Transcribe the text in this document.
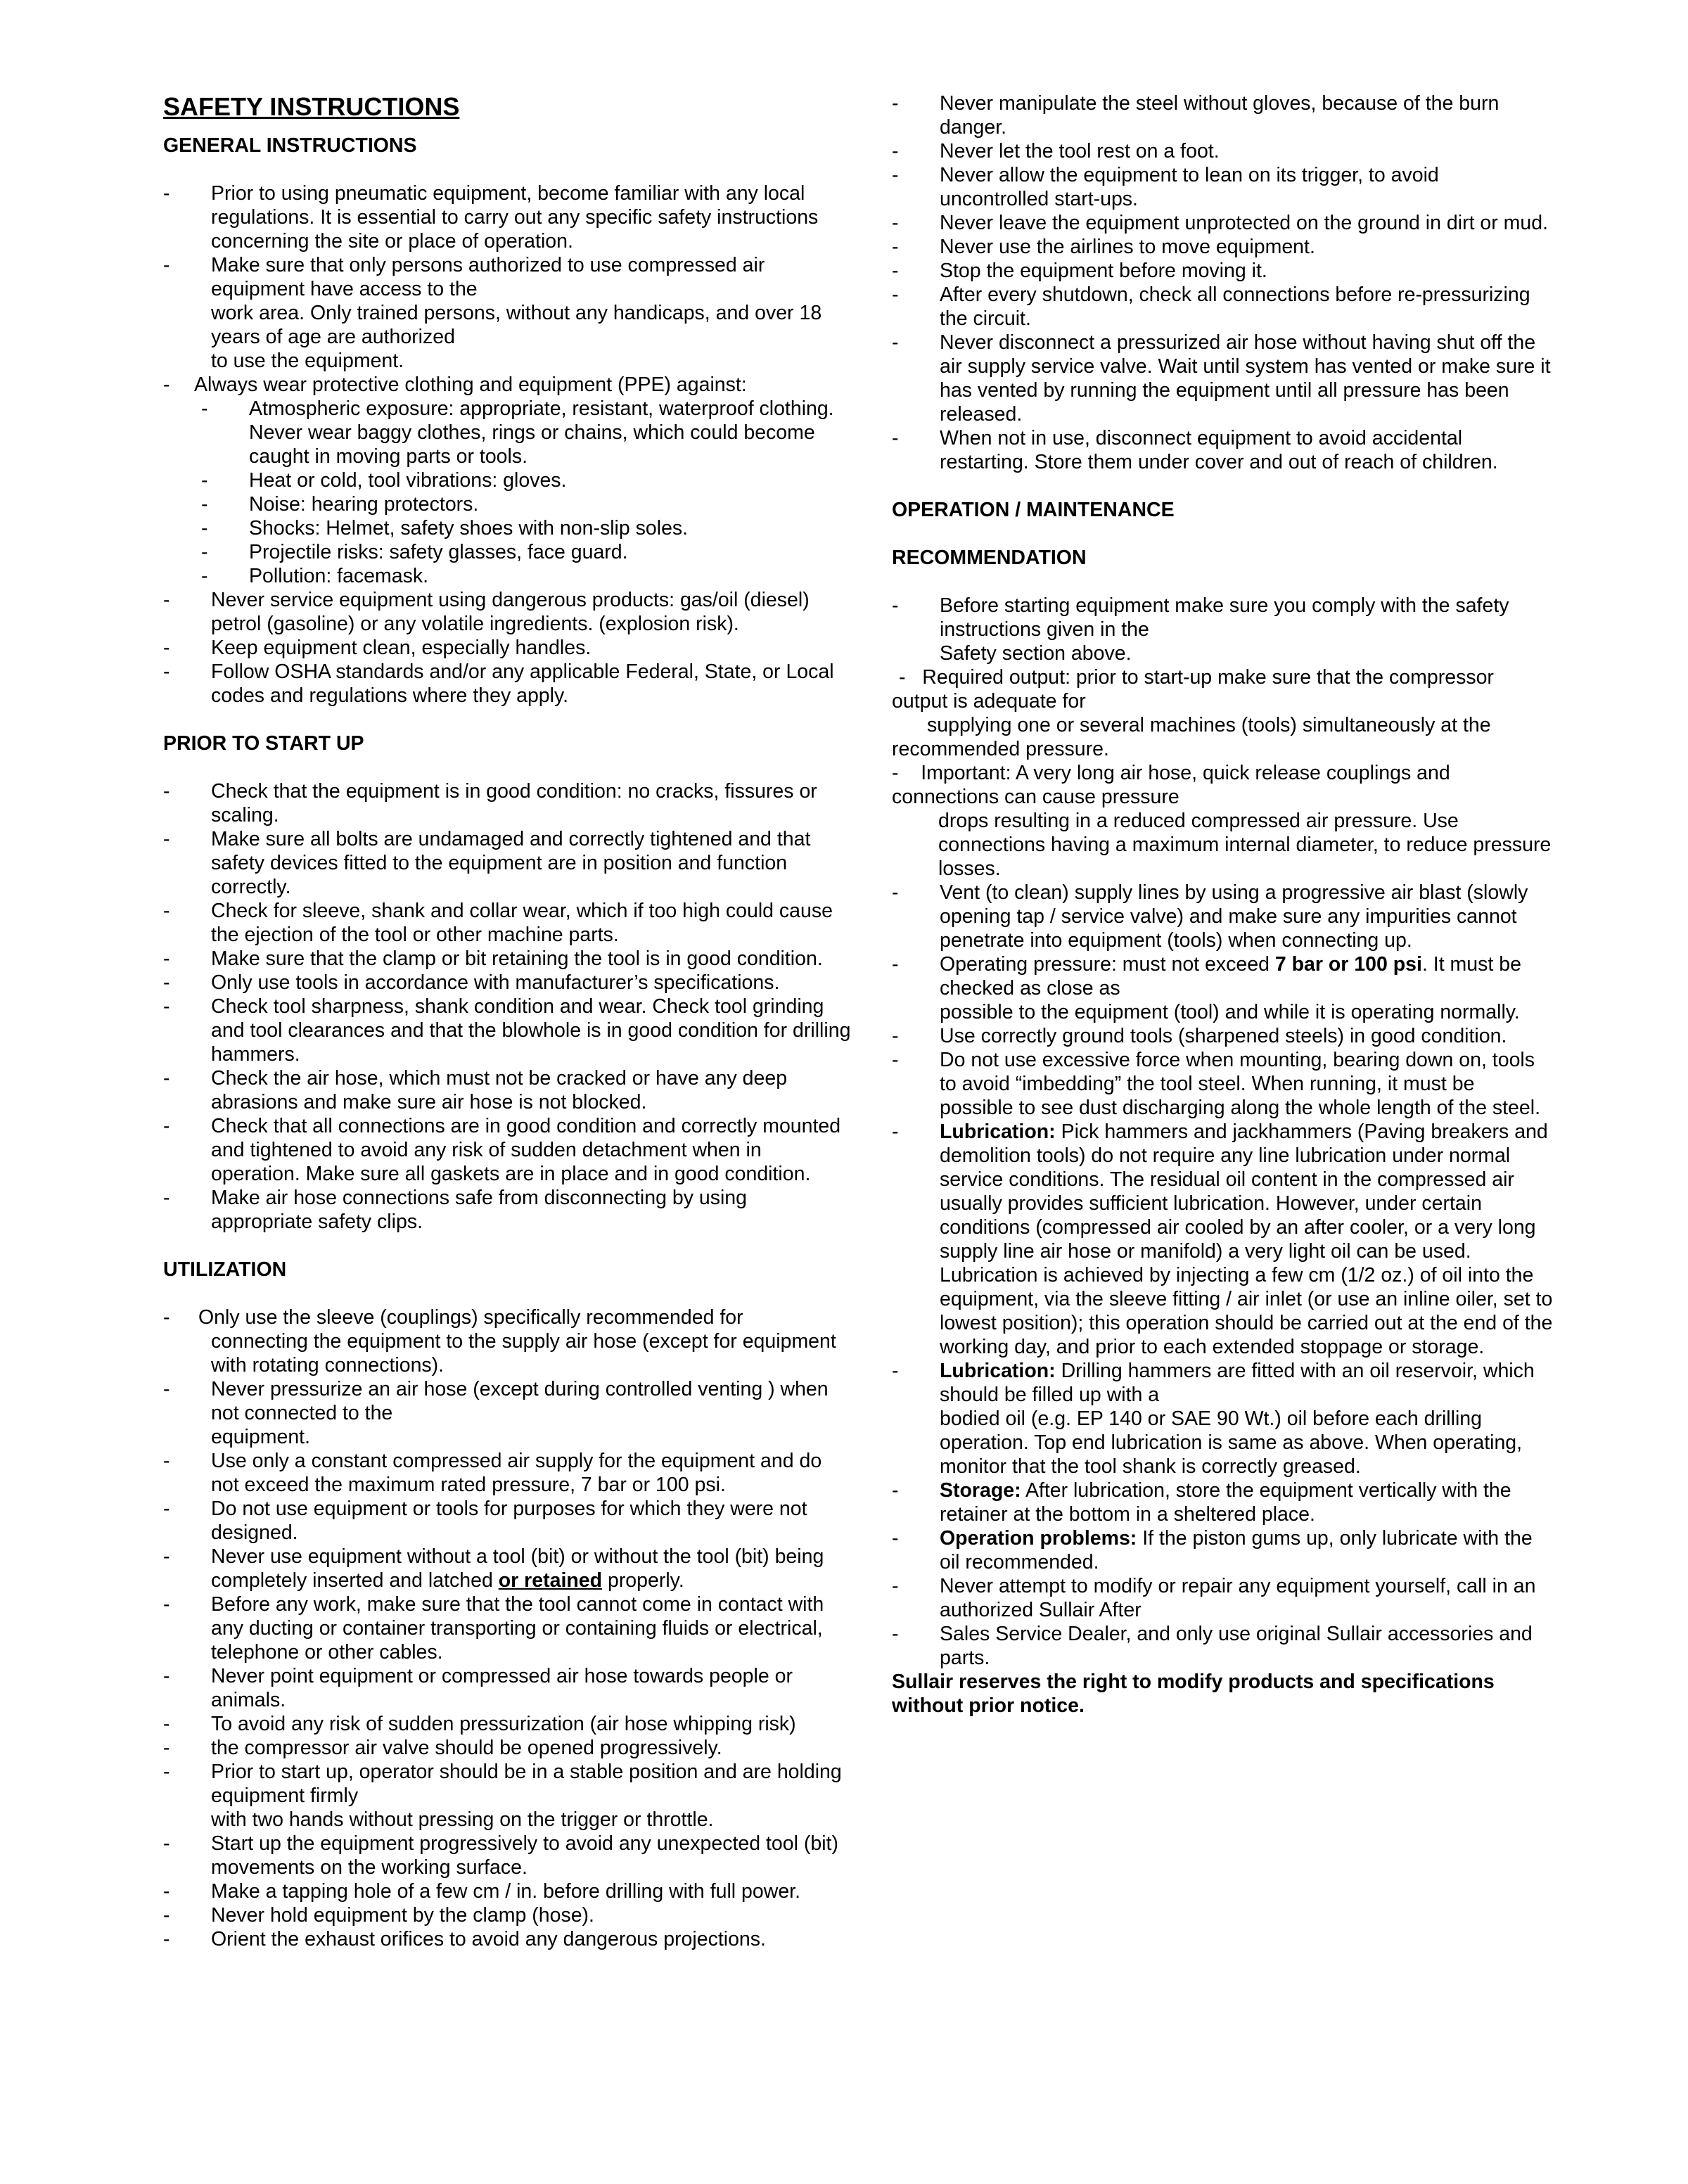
SAFETY INSTRUCTIONS
GENERAL INSTRUCTIONS
- Prior to using pneumatic equipment, become familiar with any local regulations. It is essential to carry out any specific safety instructions concerning the site or place of operation.
- Make sure that only persons authorized to use compressed air equipment have access to the
work area. Only trained persons, without any handicaps, and over 18 years of age are authorized
to use the equipment.
- Always wear protective clothing and equipment (PPE) against:
- Atmospheric exposure: appropriate, resistant, waterproof clothing. Never wear baggy clothes, rings or chains, which could become caught in moving parts or tools.
- Heat or cold, tool vibrations: gloves.
- Noise: hearing protectors.
- Shocks: Helmet, safety shoes with non-slip soles.
- Projectile risks: safety glasses, face guard.
- Pollution: facemask.
- Never service equipment using dangerous products: gas/oil (diesel) petrol (gasoline) or any volatile ingredients. (explosion risk).
- Keep equipment clean, especially handles.
- Follow OSHA standards and/or any applicable Federal, State, or Local codes and regulations where they apply.
PRIOR TO START UP
- Check that the equipment is in good condition: no cracks, fissures or scaling.
- Make sure all bolts are undamaged and correctly tightened and that safety devices fitted to the equipment are in position and function correctly.
- Check for sleeve, shank and collar wear, which if too high could cause the ejection of the tool or other machine parts.
- Make sure that the clamp or bit retaining the tool is in good condition.
- Only use tools in accordance with manufacturer’s specifications.
- Check tool sharpness, shank condition and wear. Check tool grinding and tool clearances and that the blowhole is in good condition for drilling hammers.
- Check the air hose, which must not be cracked or have any deep abrasions and make sure air hose is not blocked.
- Check that all connections are in good condition and correctly mounted and tightened to avoid any risk of sudden detachment when in operation. Make sure all gaskets are in place and in good condition.
- Make air hose connections safe from disconnecting by using appropriate safety clips.
UTILIZATION
- Only use the sleeve (couplings) specifically recommended for
connecting the equipment to the supply air hose (except for equipment with rotating connections).
- Never pressurize an air hose (except during controlled venting ) when not connected to the
equipment.
- Use only a constant compressed air supply for the equipment and do not exceed the maximum rated pressure, 7 bar or 100 psi.
- Do not use equipment or tools for purposes for which they were not designed.
- Never use equipment without a tool (bit) or without the tool (bit) being completely inserted and latched or retained properly.
- Before any work, make sure that the tool cannot come in contact with any ducting or container transporting or containing fluids or electrical, telephone or other cables.
- Never point equipment or compressed air hose towards people or animals.
- To avoid any risk of sudden pressurization (air hose whipping risk)
- the compressor air valve should be opened progressively.
- Prior to start up, operator should be in a stable position and are holding equipment firmly
with two hands without pressing on the trigger or throttle.
- Start up the equipment progressively to avoid any unexpected tool (bit) movements on the working surface.
- Make a tapping hole of a few cm / in. before drilling with full power.
- Never hold equipment by the clamp (hose).
- Orient the exhaust orifices to avoid any dangerous projections.
- Never manipulate the steel without gloves, because of the burn danger.
- Never let the tool rest on a foot.
- Never allow the equipment to lean on its trigger, to avoid uncontrolled start-ups.
- Never leave the equipment unprotected on the ground in dirt or mud.
- Never use the airlines to move equipment.
- Stop the equipment before moving it.
- After every shutdown, check all connections before re-pressurizing the circuit.
- Never disconnect a pressurized air hose without having shut off the air supply service valve. Wait until system has vented or make sure it has vented by running the equipment until all pressure has been released.
- When not in use, disconnect equipment to avoid accidental restarting. Store them under cover and out of reach of children.
OPERATION / MAINTENANCE
RECOMMENDATION
- Before starting equipment make sure you comply with the safety instructions given in the
Safety section above.
- Required output: prior to start-up make sure that the compressor
output is adequate for
supplying one or several machines (tools) simultaneously at the
recommended pressure.
- Important: A very long air hose, quick release couplings and
connections can cause pressure
drops resulting in a reduced compressed air pressure. Use connections having a maximum internal diameter, to reduce pressure losses.
- Vent (to clean) supply lines by using a progressive air blast (slowly opening tap / service valve) and make sure any impurities cannot penetrate into equipment (tools) when connecting up.
- Operating pressure: must not exceed 7 bar or 100 psi. It must be checked as close as
possible to the equipment (tool) and while it is operating normally.
- Use correctly ground tools (sharpened steels) in good condition.
- Do not use excessive force when mounting, bearing down on, tools to avoid “imbedding” the tool steel. When running, it must be possible to see dust discharging along the whole length of the steel.
- Lubrication: Pick hammers and jackhammers (Paving breakers and demolition tools) do not require any line lubrication under normal service conditions. The residual oil content in the compressed air usually provides sufficient lubrication. However, under certain conditions (compressed air cooled by an after cooler, or a very long supply line air hose or manifold) a very light oil can be used. Lubrication is achieved by injecting a few cm (1/2 oz.) of oil into the equipment, via the sleeve fitting / air inlet (or use an inline oiler, set to lowest position); this operation should be carried out at the end of the working day, and prior to each extended stoppage or storage.
- Lubrication: Drilling hammers are fitted with an oil reservoir, which should be filled up with a
bodied oil (e.g. EP 140 or SAE 90 Wt.) oil before each drilling operation. Top end lubrication is same as above. When operating, monitor that the tool shank is correctly greased.
- Storage: After lubrication, store the equipment vertically with the retainer at the bottom in a sheltered place.
- Operation problems: If the piston gums up, only lubricate with the oil recommended.
- Never attempt to modify or repair any equipment yourself, call in an authorized Sullair After
- Sales Service Dealer, and only use original Sullair accessories and parts.
Sullair reserves the right to modify products and specifications without prior notice.
